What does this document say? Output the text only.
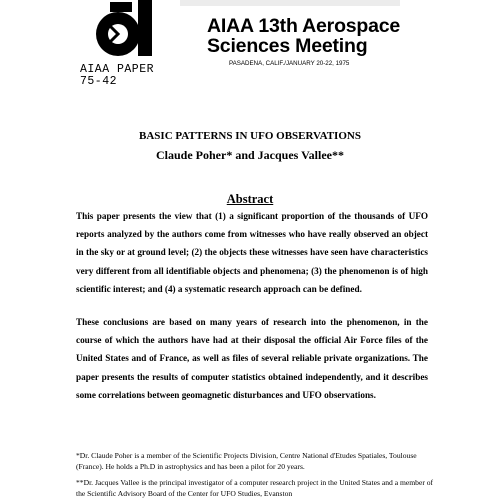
AIAA PAPER
75-42
AIAA 13th Aerospace
Sciences Meeting
PASADENA, CALIF./JANUARY 20-22, 1975
BASIC PATTERNS IN UFO OBSERVATIONS
Claude Poher* and Jacques Vallee**
Abstract

This paper presents the view that (1) a significant proportion of the thousands of UFO reports analyzed by the authors come from witnesses who have really observed an object in the sky or at ground level; (2) the objects these witnesses have seen have characteristics very different from all identifiable objects and phenomena; (3) the phenomenon is of high scientific interest; and (4) a systematic research approach can be defined.

These conclusions are based on many years of research into the phenomenon, in the course of which the authors have had at their disposal the official Air Force files of the United States and of France, as well as files of several reliable private organizations. The paper presents the results of computer statistics obtained independently, and it describes some correlations between geomagnetic disturbances and UFO observations.

*Dr. Claude Poher is a member of the Scientific Projects Division, Centre National d'Etudes Spatiales, Toulouse (France). He holds a Ph.D in astrophysics and has been a pilot for 20 years.

**Dr. Jacques Vallee is the principal investigator of a computer research project in the United States and a member of the Scientific Advisory Board of the Center for UFO Studies, Evanston
